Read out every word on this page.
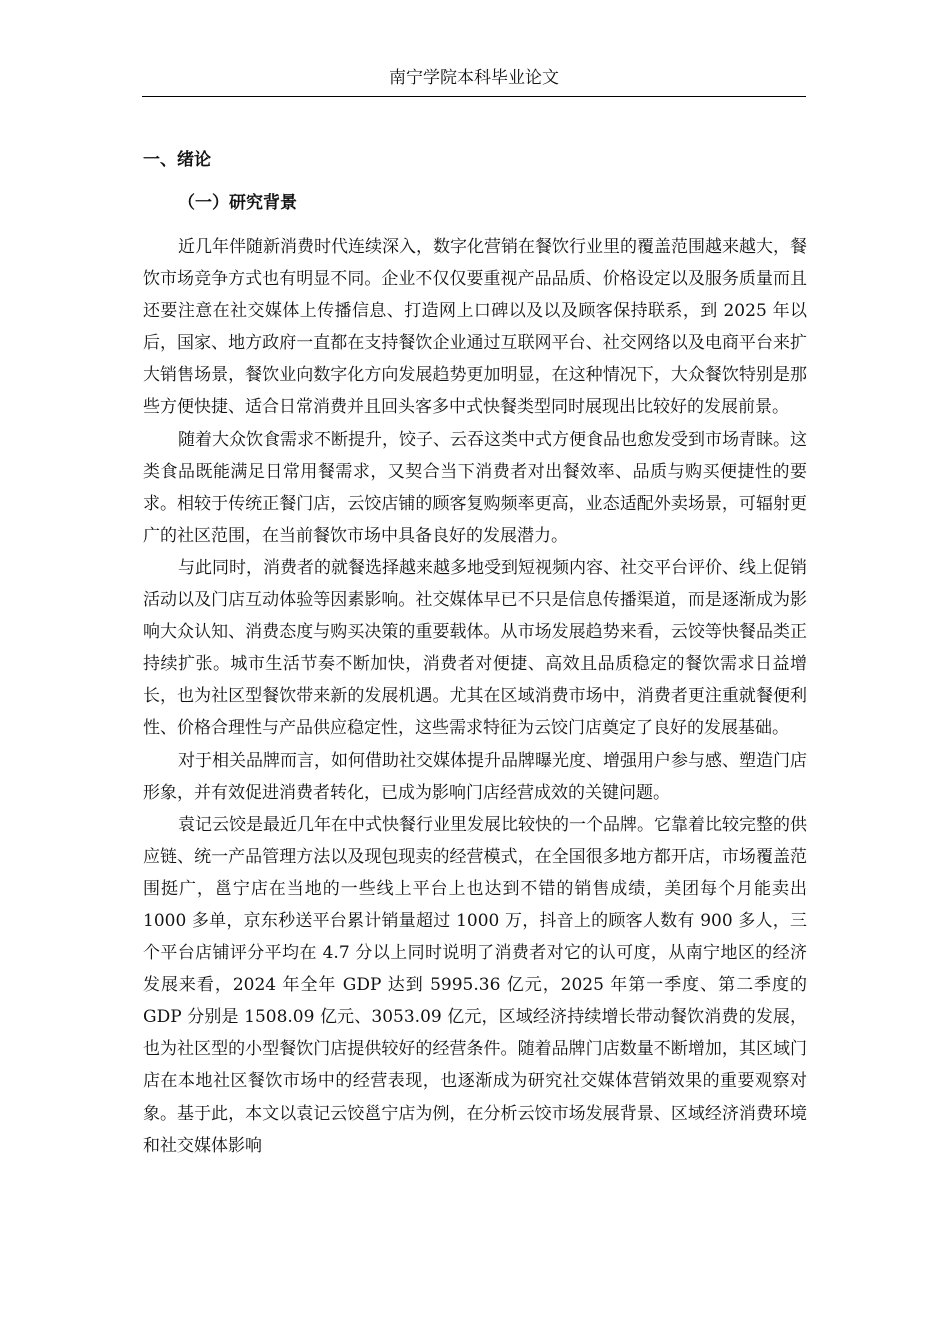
南宁学院本科毕业论文
一、绪论
（一）研究背景

近几年伴随新消费时代连续深入，数字化营销在餐饮行业里的覆盖范围越来越大，餐饮市场竞争方式也有明显不同。企业不仅仅要重视产品品质、价格设定以及服务质量而且还要注意在社交媒体上传播信息、打造网上口碑以及以及顾客保持联系，到 2025 年以后，国家、地方政府一直都在支持餐饮企业通过互联网平台、社交网络以及电商平台来扩大销售场景，餐饮业向数字化方向发展趋势更加明显，在这种情况下，大众餐饮特别是那些方便快捷、适合日常消费并且回头客多中式快餐类型同时展现出比较好的发展前景。

随着大众饮食需求不断提升，饺子、云吞这类中式方便食品也愈发受到市场青睐。这类食品既能满足日常用餐需求，又契合当下消费者对出餐效率、品质与购买便捷性的要求。相较于传统正餐门店，云饺店铺的顾客复购频率更高，业态适配外卖场景，可辐射更广的社区范围，在当前餐饮市场中具备良好的发展潜力。

与此同时，消费者的就餐选择越来越多地受到短视频内容、社交平台评价、线上促销活动以及门店互动体验等因素影响。社交媒体早已不只是信息传播渠道，而是逐渐成为影响大众认知、消费态度与购买决策的重要载体。从市场发展趋势来看，云饺等快餐品类正持续扩张。城市生活节奏不断加快，消费者对便捷、高效且品质稳定的餐饮需求日益增长，也为社区型餐饮带来新的发展机遇。尤其在区域消费市场中，消费者更注重就餐便利性、价格合理性与产品供应稳定性，这些需求特征为云饺门店奠定了良好的发展基础。

对于相关品牌而言，如何借助社交媒体提升品牌曝光度、增强用户参与感、塑造门店形象，并有效促进消费者转化，已成为影响门店经营成效的关键问题。

袁记云饺是最近几年在中式快餐行业里发展比较快的一个品牌。它靠着比较完整的供应链、统一产品管理方法以及现包现卖的经营模式，在全国很多地方都开店，市场覆盖范围挺广，邕宁店在当地的一些线上平台上也达到不错的销售成绩，美团每个月能卖出 1000 多单，京东秒送平台累计销量超过 1000 万，抖音上的顾客人数有 900 多人，三个平台店铺评分平均在 4.7 分以上同时说明了消费者对它的认可度，从南宁地区的经济发展来看，2024 年全年 GDP 达到 5995.36 亿元，2025 年第一季度、第二季度的 GDP 分别是 1508.09 亿元、3053.09 亿元，区域经济持续增长带动餐饮消费的发展，也为社区型的小型餐饮门店提供较好的经营条件。随着品牌门店数量不断增加，其区域门店在本地社区餐饮市场中的经营表现，也逐渐成为研究社交媒体营销效果的重要观察对象。基于此，本文以袁记云饺邕宁店为例，在分析云饺市场发展背景、区域经济消费环境和社交媒体影响
